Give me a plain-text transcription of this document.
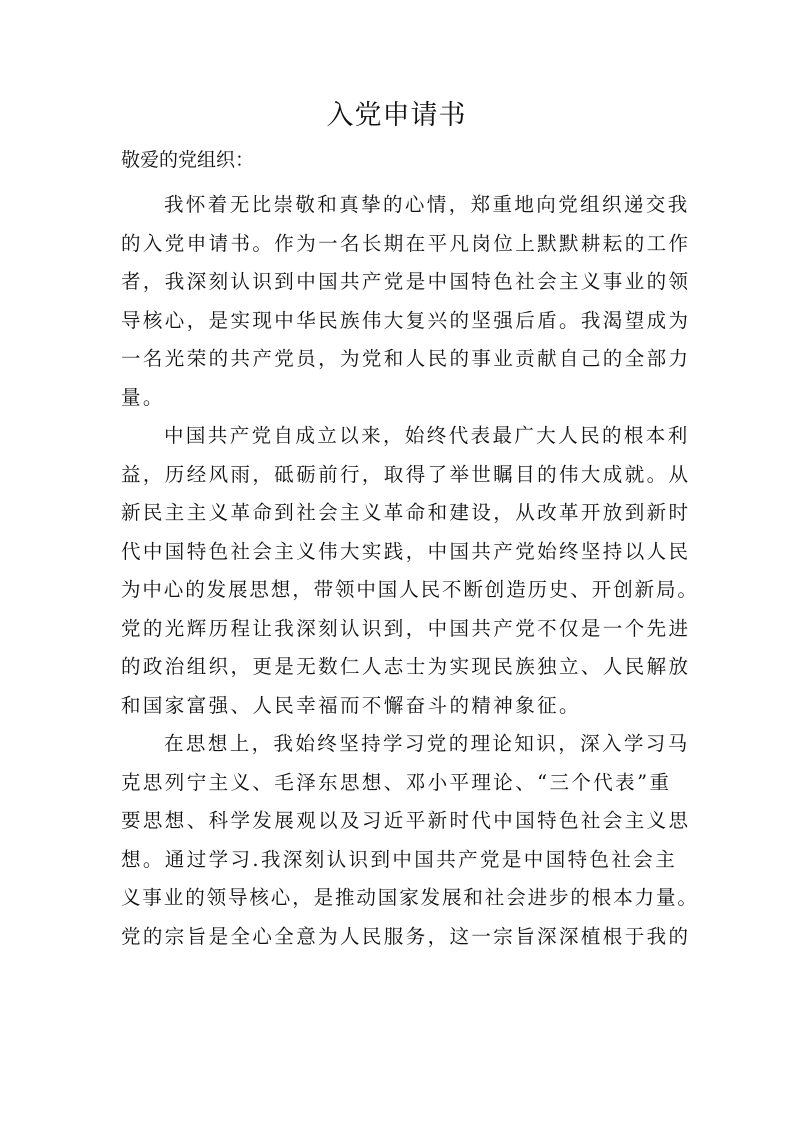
入党申请书

敬爱的党组织：

我怀着无比崇敬和真挚的心情，郑重地向党组织递交我
的入党申请书。作为一名长期在平凡岗位上默默耕耘的工作
者，我深刻认识到中国共产党是中国特色社会主义事业的领
导核心，是实现中华民族伟大复兴的坚强后盾。我渴望成为
一名光荣的共产党员，为党和人民的事业贡献自己的全部力
量。
中国共产党自成立以来，始终代表最广大人民的根本利
益，历经风雨，砥砺前行，取得了举世瞩目的伟大成就。从
新民主主义革命到社会主义革命和建设，从改革开放到新时
代中国特色社会主义伟大实践，中国共产党始终坚持以人民
为中心的发展思想，带领中国人民不断创造历史、开创新局。
党的光辉历程让我深刻认识到，中国共产党不仅是一个先进
的政治组织，更是无数仁人志士为实现民族独立、人民解放
和国家富强、人民幸福而不懈奋斗的精神象征。
在思想上，我始终坚持学习党的理论知识，深入学习马
克思列宁主义、毛泽东思想、邓小平理论、“三个代表”重
要思想、科学发展观以及习近平新时代中国特色社会主义思
想。通过学习.我深刻认识到中国共产党是中国特色社会主
义事业的领导核心，是推动国家发展和社会进步的根本力量。
党的宗旨是全心全意为人民服务，这一宗旨深深植根于我的
